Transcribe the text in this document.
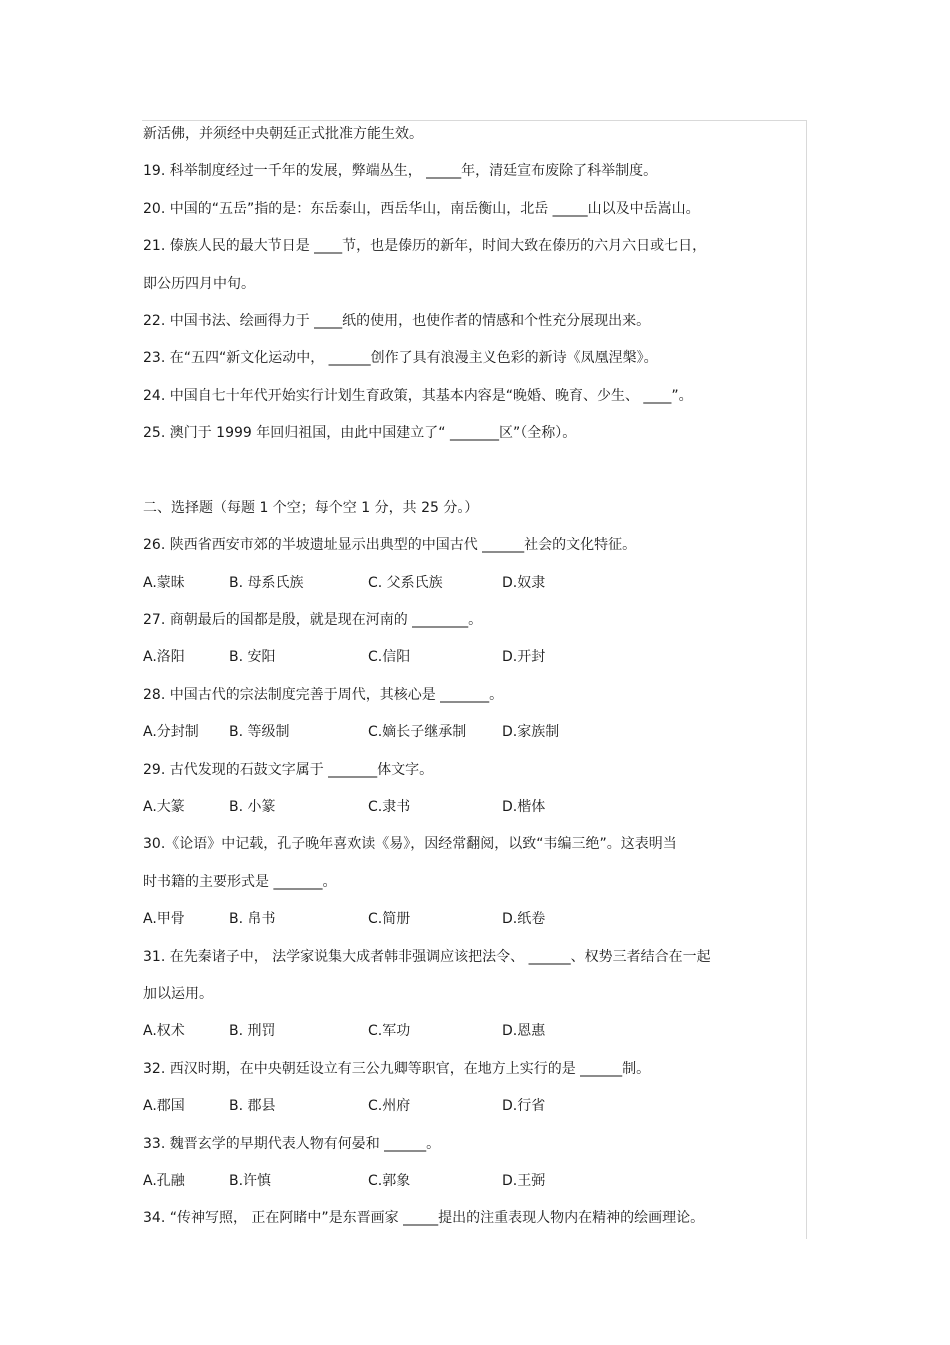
新活佛，并须经中央朝廷正式批准方能生效。
19. 科举制度经过一千年的发展，弊端丛生， _____年，清廷宣布废除了科举制度。
20. 中国的“五岳”指的是：东岳泰山，西岳华山，南岳衡山，北岳 _____山以及中岳嵩山。
21. 傣族人民的最大节日是 ____节，也是傣历的新年，时间大致在傣历的六月六日或七日，
即公历四月中旬。
22. 中国书法、绘画得力于 ____纸的使用，也使作者的情感和个性充分展现出来。
23. 在“五四“新文化运动中， ______创作了具有浪漫主义色彩的新诗《凤凰涅槃》。
24. 中国自七十年代开始实行计划生育政策，其基本内容是“晚婚、晚育、少生、 ____”。
25. 澳门于 1999 年回归祖国，由此中国建立了“ _______区”（全称）。
二、选择题（每题 1 个空；每个空 1 分，共 25 分。）
26. 陕西省西安市郊的半坡遗址显示出典型的中国古代 ______社会的文化特征。
A.蒙昧	B. 母系氏族	C. 父系氏族	D.奴隶
27. 商朝最后的国都是殷，就是现在河南的 ________。
A.洛阳	B. 安阳	C.信阳	D.开封
28. 中国古代的宗法制度完善于周代，其核心是 _______。
A.分封制	B. 等级制	C.嫡长子继承制	D.家族制
29. 古代发现的石鼓文字属于 _______体文字。
A.大篆	B. 小篆	C.隶书	D.楷体
30.《论语》中记载，孔子晚年喜欢读《易》，因经常翻阅，以致“韦编三绝”。这表明当
时书籍的主要形式是 _______。
A.甲骨	B. 帛书	C.简册	D.纸卷
31. 在先秦诸子中， 法学家说集大成者韩非强调应该把法令、 ______、权势三者结合在一起
加以运用。
A.权术	B. 刑罚	C.军功	D.恩惠
32. 西汉时期，在中央朝廷设立有三公九卿等职官，在地方上实行的是 ______制。
A.郡国	B. 郡县	C.州府	D.行省
33. 魏晋玄学的早期代表人物有何晏和 ______。
A.孔融	B.许慎	C.郭象	D.王弼
34. “传神写照， 正在阿睹中”是东晋画家 _____提出的注重表现人物内在精神的绘画理论。
